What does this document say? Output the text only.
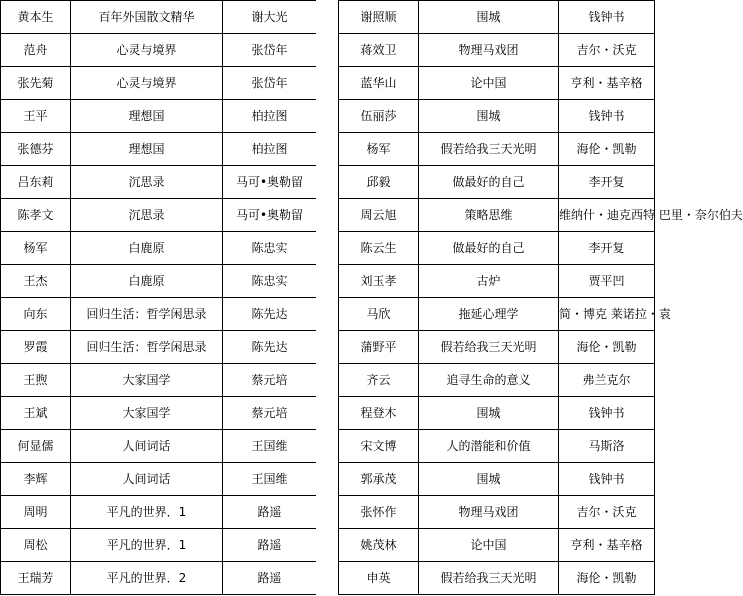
黄本生	百年外国散文精华	谢大光
范舟	心灵与境界	张岱年
张先菊	心灵与境界	张岱年
王平	理想国	柏拉图
张德芬	理想国	柏拉图
吕东莉	沉思录	马可•奥勒留
陈孝文	沉思录	马可•奥勒留
杨军	白鹿原	陈忠实
王杰	白鹿原	陈忠实
向东	回归生活：哲学闲思录	陈先达
罗霞	回归生活：哲学闲思录	陈先达
王煦	大家国学	蔡元培
王斌	大家国学	蔡元培
何显儒	人间词话	王国维
李辉	人间词话	王国维
周明	平凡的世界．1	路遥
周松	平凡的世界．1	路遥
王瑞芳	平凡的世界．2	路遥
谢照顺	围城	钱钟书
蒋效卫	物理马戏团	吉尔・沃克
蓝华山	论中国	亨利・基辛格
伍丽莎	围城	钱钟书
杨军	假若给我三天光明	海伦・凯勒
邱毅	做最好的自己	李开复
周云旭	策略思维	维纳什・迪克西特 巴里・奈尔伯夫
陈云生	做最好的自己	李开复
刘玉孝	古炉	贾平凹
马欣	拖延心理学	简・博克 莱诺拉・袁
蒲野平	假若给我三天光明	海伦・凯勒
齐云	追寻生命的意义	弗兰克尔
程登木	围城	钱钟书
宋文博	人的潜能和价值	马斯洛
郭承茂	围城	钱钟书
张怀作	物理马戏团	吉尔・沃克
姚茂林	论中国	亨利・基辛格
申英	假若给我三天光明	海伦・凯勒
